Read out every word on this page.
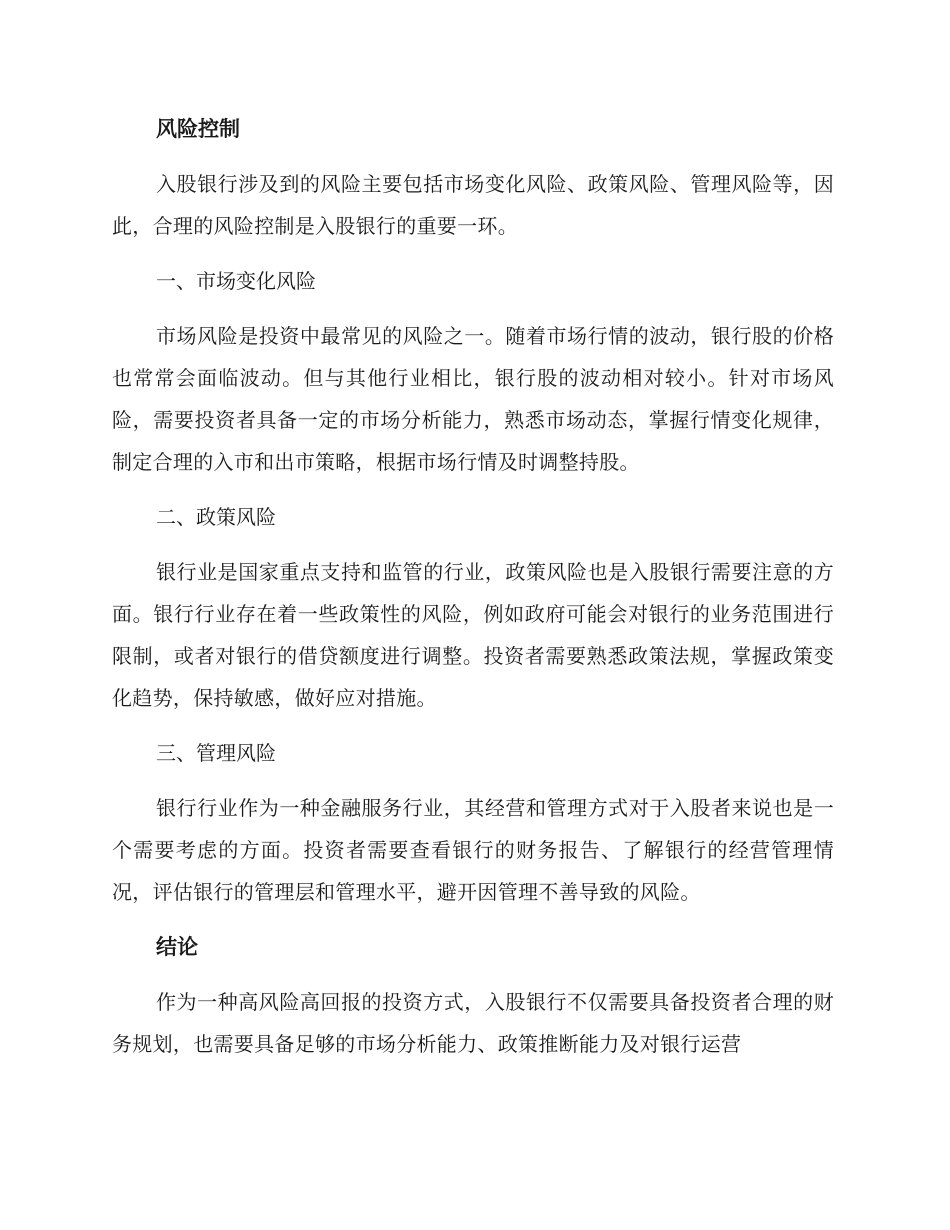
风险控制

入股银行涉及到的风险主要包括市场变化风险、政策风险、管理风险等，因此，合理的风险控制是入股银行的重要一环。

一、市场变化风险

市场风险是投资中最常见的风险之一。随着市场行情的波动，银行股的价格也常常会面临波动。但与其他行业相比，银行股的波动相对较小。针对市场风险，需要投资者具备一定的市场分析能力，熟悉市场动态，掌握行情变化规律，制定合理的入市和出市策略，根据市场行情及时调整持股。

二、政策风险

银行业是国家重点支持和监管的行业，政策风险也是入股银行需要注意的方面。银行行业存在着一些政策性的风险，例如政府可能会对银行的业务范围进行限制，或者对银行的借贷额度进行调整。投资者需要熟悉政策法规，掌握政策变化趋势，保持敏感，做好应对措施。

三、管理风险

银行行业作为一种金融服务行业，其经营和管理方式对于入股者来说也是一个需要考虑的方面。投资者需要查看银行的财务报告、了解银行的经营管理情况，评估银行的管理层和管理水平，避开因管理不善导致的风险。

结论

作为一种高风险高回报的投资方式，入股银行不仅需要具备投资者合理的财务规划，也需要具备足够的市场分析能力、政策推断能力及对银行运营
